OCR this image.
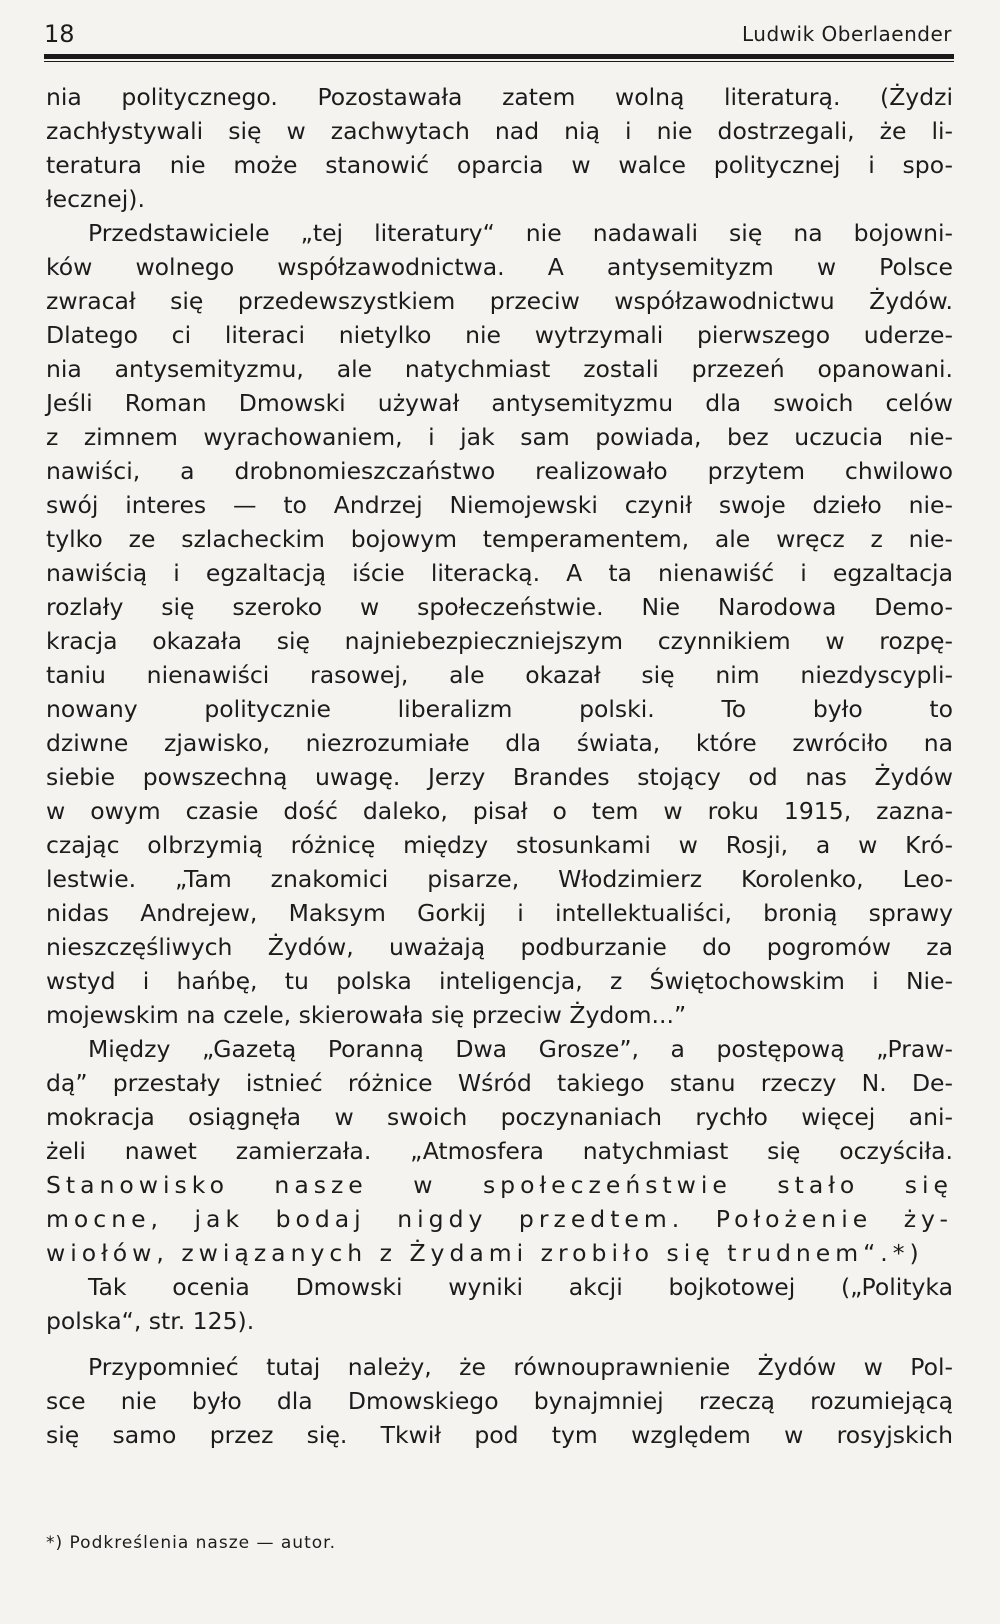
18	Ludwik Oberlaender
nia politycznego. Pozostawała zatem wolną literaturą. (Żydzi
zachłystywali się w zachwytach nad nią i nie dostrzegali, że li-
teratura nie może stanowić oparcia w walce politycznej i spo-
łecznej).
Przedstawiciele „tej literatury“ nie nadawali się na bojowni-
ków wolnego współzawodnictwa. A antysemityzm w Polsce
zwracał się przedewszystkiem przeciw współzawodnictwu Żydów.
Dlatego ci literaci nietylko nie wytrzymali pierwszego uderze-
nia antysemityzmu, ale natychmiast zostali przezeń opanowani.
Jeśli Roman Dmowski używał antysemityzmu dla swoich celów
z zimnem wyrachowaniem, i jak sam powiada, bez uczucia nie-
nawiści, a drobnomieszczaństwo realizowało przytem chwilowo
swój interes — to Andrzej Niemojewski czynił swoje dzieło nie-
tylko ze szlacheckim bojowym temperamentem, ale wręcz z nie-
nawiścią i egzaltacją iście literacką. A ta nienawiść i egzaltacja
rozlały się szeroko w społeczeństwie. Nie Narodowa Demo-
kracja okazała się najniebezpieczniejszym czynnikiem w rozpę-
taniu nienawiści rasowej, ale okazał się nim niezdyscypli-
nowany politycznie liberalizm polski. To było to
dziwne zjawisko, niezrozumiałe dla świata, które zwróciło na
siebie powszechną uwagę. Jerzy Brandes stojący od nas Żydów
w owym czasie dość daleko, pisał o tem w roku 1915, zazna-
czając olbrzymią różnicę między stosunkami w Rosji, a w Kró-
lestwie. „Tam znakomici pisarze, Włodzimierz Korolenko, Leo-
nidas Andrejew, Maksym Gorkij i intellektualiści, bronią sprawy
nieszczęśliwych Żydów, uważają podburzanie do pogromów za
wstyd i hańbę, tu polska inteligencja, z Świętochowskim i Nie-
mojewskim na czele, skierowała się przeciw Żydom...”
Między „Gazetą Poranną Dwa Grosze”, a postępową „Praw-
dą” przestały istnieć różnice Wśród takiego stanu rzeczy N. De-
mokracja osiągnęła w swoich poczynaniach rychło więcej ani-
żeli nawet zamierzała. „Atmosfera natychmiast się oczyściła.
Stanowisko nasze w społeczeństwie stało się
mocne, jak bodaj nigdy przedtem. Położenie ży-
wiołów, związanych z Żydami zrobiło się trudnem“.*)
Tak ocenia Dmowski wyniki akcji bojkotowej („Polityka
polska“, str. 125).
Przypomnieć tutaj należy, że równouprawnienie Żydów w Pol-
sce nie było dla Dmowskiego bynajmniej rzeczą rozumiejącą
się samo przez się. Tkwił pod tym względem w rosyjskich
*) Podkreślenia nasze — autor.
